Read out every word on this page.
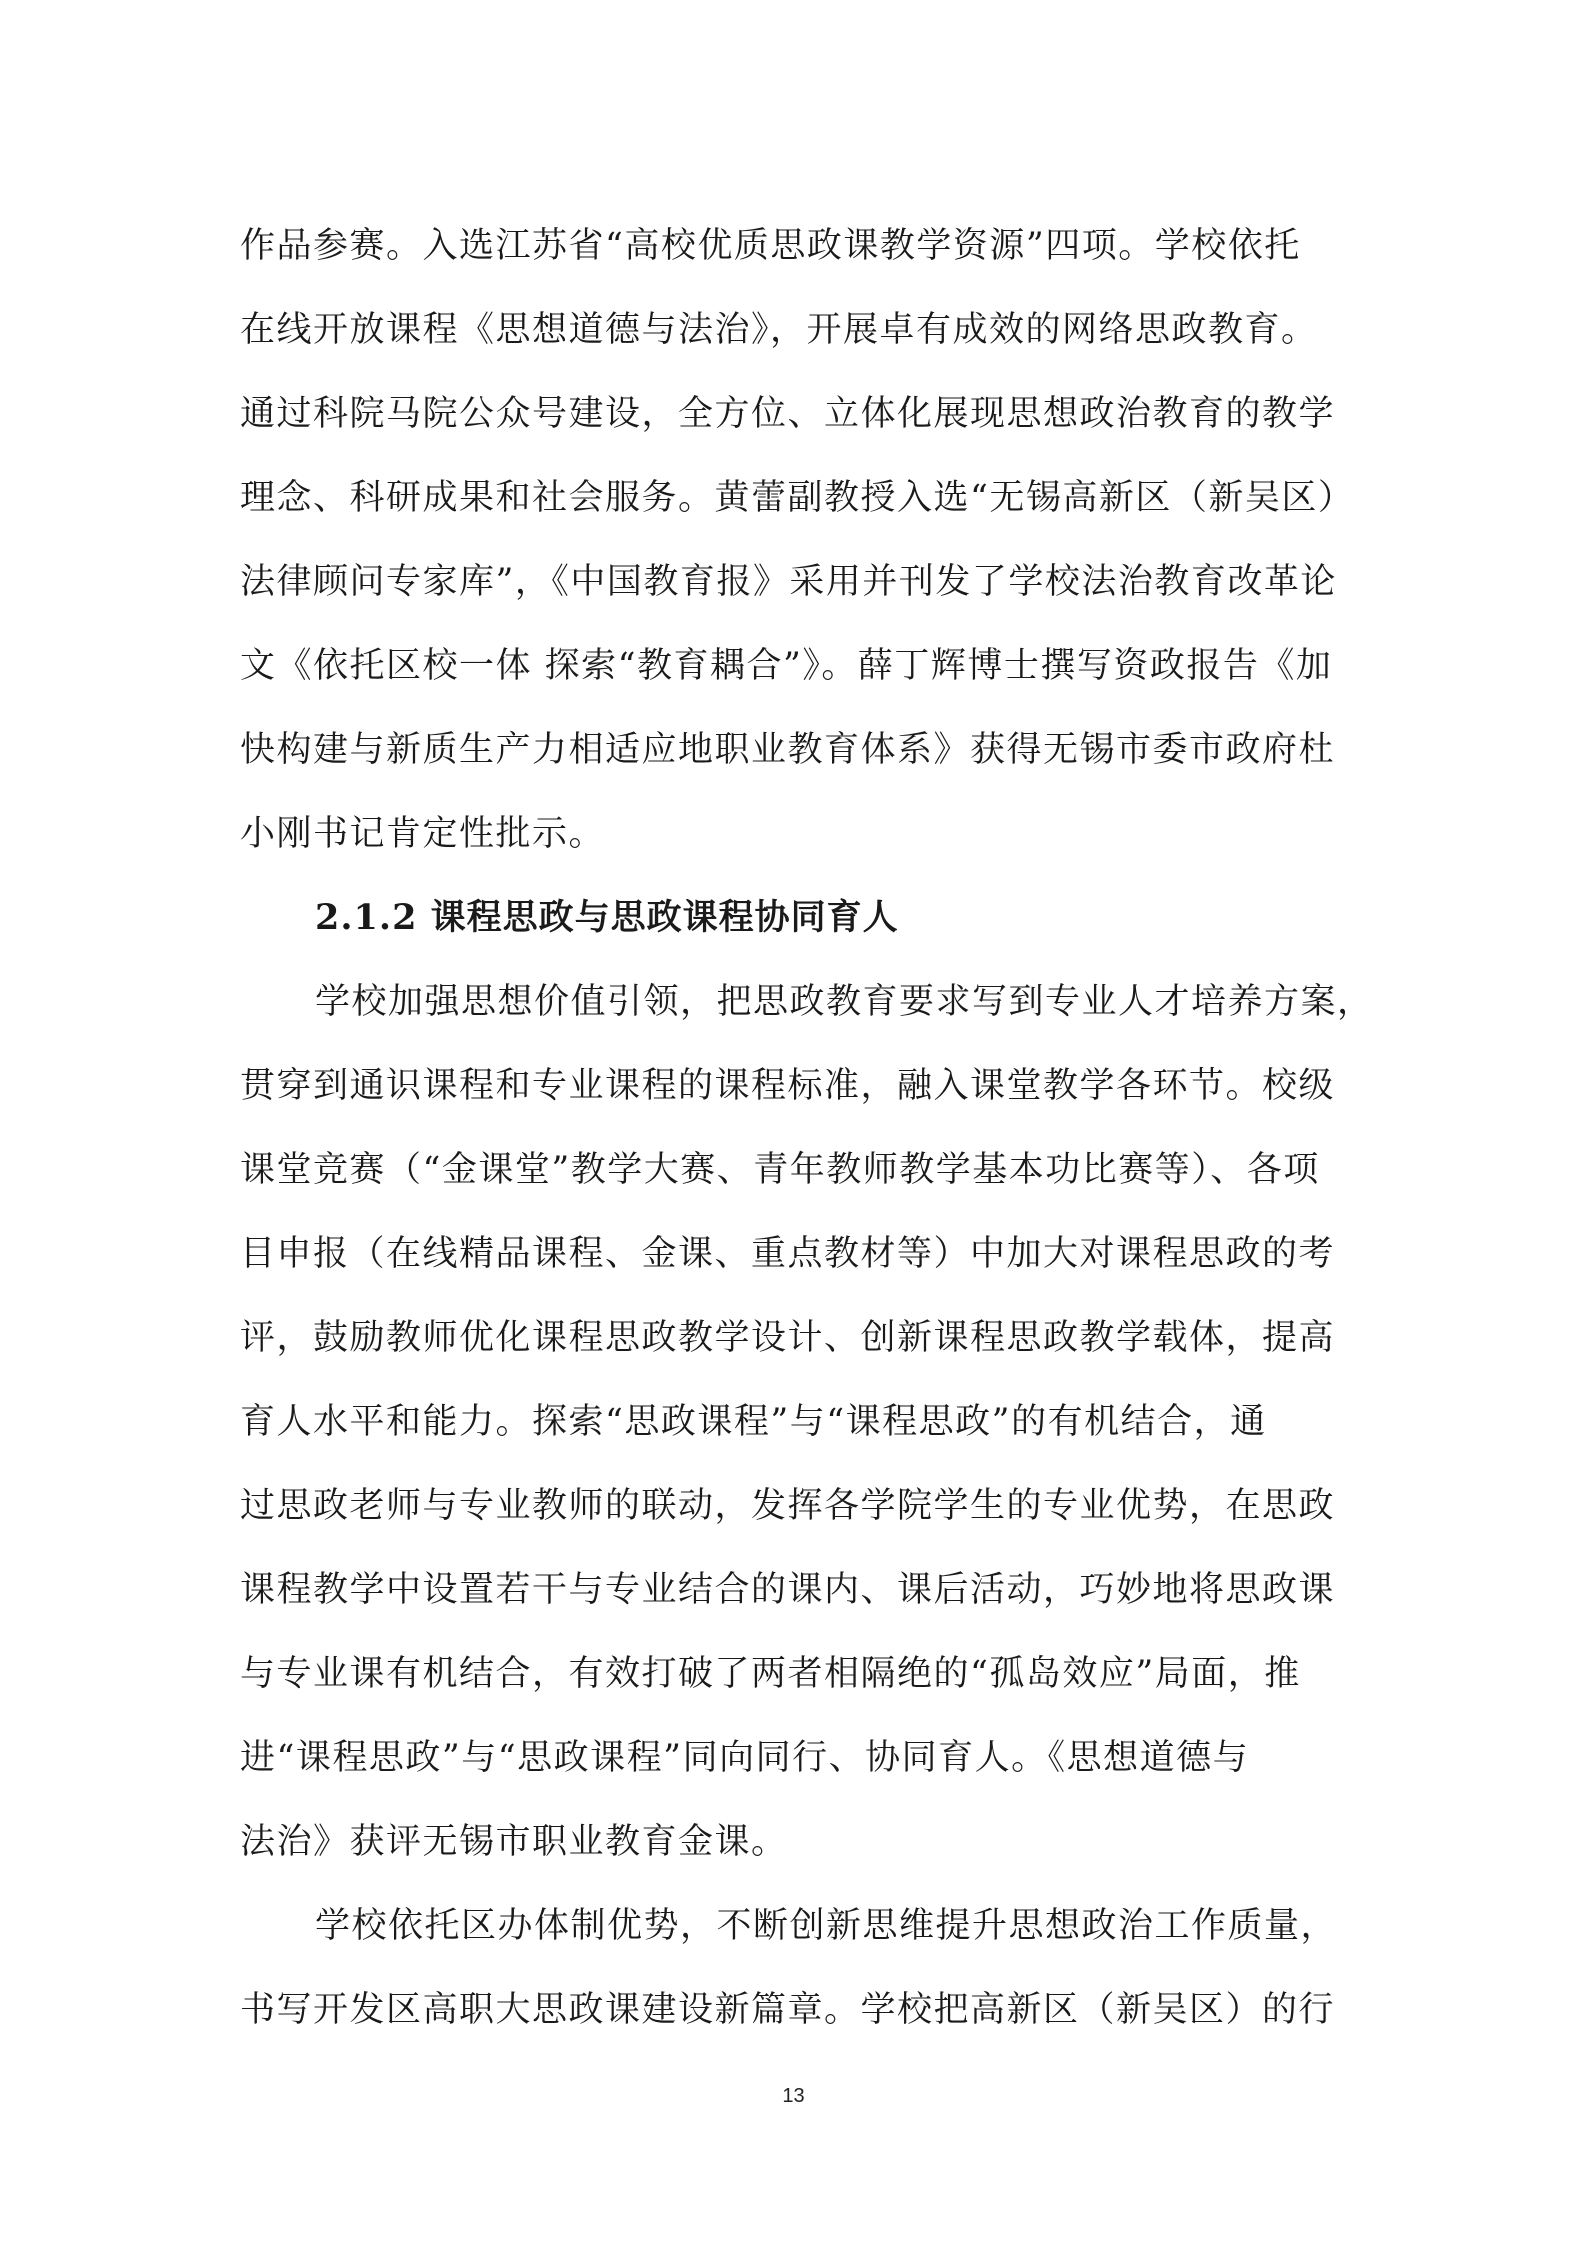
作品参赛。入选江苏省“高校优质思政课教学资源”四项。学校依托
在线开放课程《思想道德与法治》，开展卓有成效的网络思政教育。
通过科院马院公众号建设，全方位、立体化展现思想政治教育的教学
理念、科研成果和社会服务。黄蕾副教授入选“无锡高新区（新吴区）
法律顾问专家库”，《中国教育报》采用并刊发了学校法治教育改革论
文《依托区校一体 探索“教育耦合”》。薛丁辉博士撰写资政报告《加
快构建与新质生产力相适应地职业教育体系》获得无锡市委市政府杜
小刚书记肯定性批示。
2.1.2 课程思政与思政课程协同育人
学校加强思想价值引领，把思政教育要求写到专业人才培养方案，
贯穿到通识课程和专业课程的课程标准，融入课堂教学各环节。校级
课堂竞赛（“金课堂”教学大赛、青年教师教学基本功比赛等）、各项
目申报（在线精品课程、金课、重点教材等）中加大对课程思政的考
评，鼓励教师优化课程思政教学设计、创新课程思政教学载体，提高
育人水平和能力。探索“思政课程”与“课程思政”的有机结合，通
过思政老师与专业教师的联动，发挥各学院学生的专业优势，在思政
课程教学中设置若干与专业结合的课内、课后活动，巧妙地将思政课
与专业课有机结合，有效打破了两者相隔绝的“孤岛效应”局面，推
进“课程思政”与“思政课程”同向同行、协同育人。《思想道德与
法治》获评无锡市职业教育金课。
学校依托区办体制优势，不断创新思维提升思想政治工作质量，
书写开发区高职大思政课建设新篇章。学校把高新区（新吴区）的行
13
